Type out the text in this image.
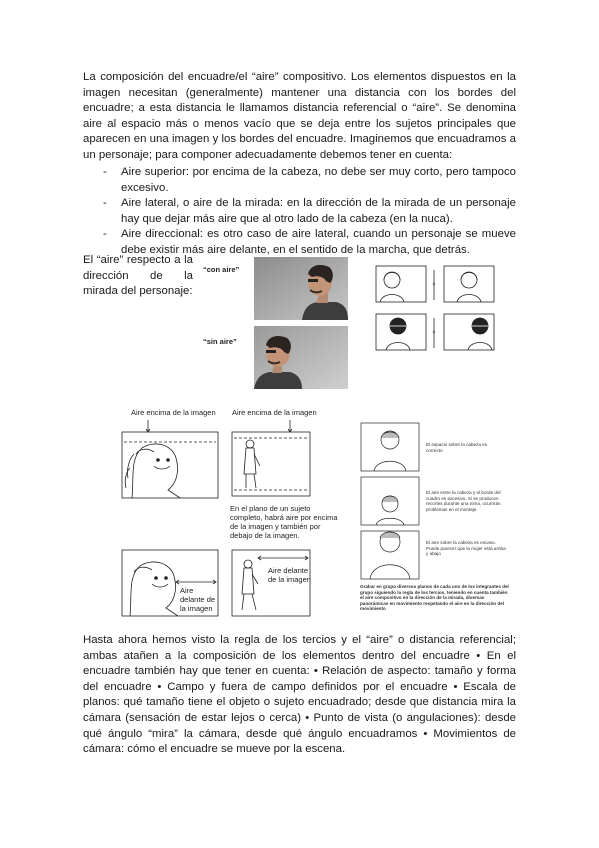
La composición del encuadre/el “aire” compositivo. Los elementos dispuestos en la imagen necesitan (generalmente) mantener una distancia con los bordes del encuadre; a esta distancia le llamamos distancia referencial o “aire”. Se denomina aire al espacio más o menos vacío que se deja entre los sujetos principales que aparecen en una imagen y los bordes del encuadre. Imaginemos que encuadramos a un personaje; para componer adecuadamente debemos tener en cuenta:
- Aire superior: por encima de la cabeza, no debe ser muy corto, pero tampoco excesivo.
- Aire lateral, o aire de la mirada: en la dirección de la mirada de un personaje hay que dejar más aire que al otro lado de la cabeza (en la nuca).
- Aire direccional: es otro caso de aire lateral, cuando un personaje se mueve debe existir más aire delante, en el sentido de la marcha, que detrás.
El “aire” respecto a la dirección de la mirada del personaje:
“con aire”
“sin aire”
≠
≠
Aire encima de la imagen Aire encima de la imagen
En el plano de un sujeto completo, habrá aire por encima de la imagen y también por debajo de la imagen.
Aire delante de la imagen
Aire delante de la imagen
El espacio sobre la cabeza es correcto
El aire entre la cabeza y el borde del cuadro es excesivo. Si se producen recortes durante una toma, ocurrirán problemas en el montaje
El aire sobre la cabeza es escaso. Puede parecer que la mujer está arriba y abajo
Grabar en grupo diversos planos de cada uno de los integrantes del grupo siguiendo la regla de los tercios, teniendo en cuenta también el aire compositivo en la dirección de la mirada, diversas panorámicas en movimiento respetando el aire en la dirección del movimiento
Hasta ahora hemos visto la regla de los tercios y el “aire” o distancia referencial; ambas atañen a la composición de los elementos dentro del encuadre • En el encuadre también hay que tener en cuenta: • Relación de aspecto: tamaño y forma del encuadre • Campo y fuera de campo definidos por el encuadre • Escala de planos: qué tamaño tiene el objeto o sujeto encuadrado; desde que distancia mira la cámara (sensación de estar lejos o cerca) • Punto de vista (o angulaciones): desde qué ángulo “mira” la cámara, desde qué ángulo encuadramos • Movimientos de cámara: cómo el encuadre se mueve por la escena.
